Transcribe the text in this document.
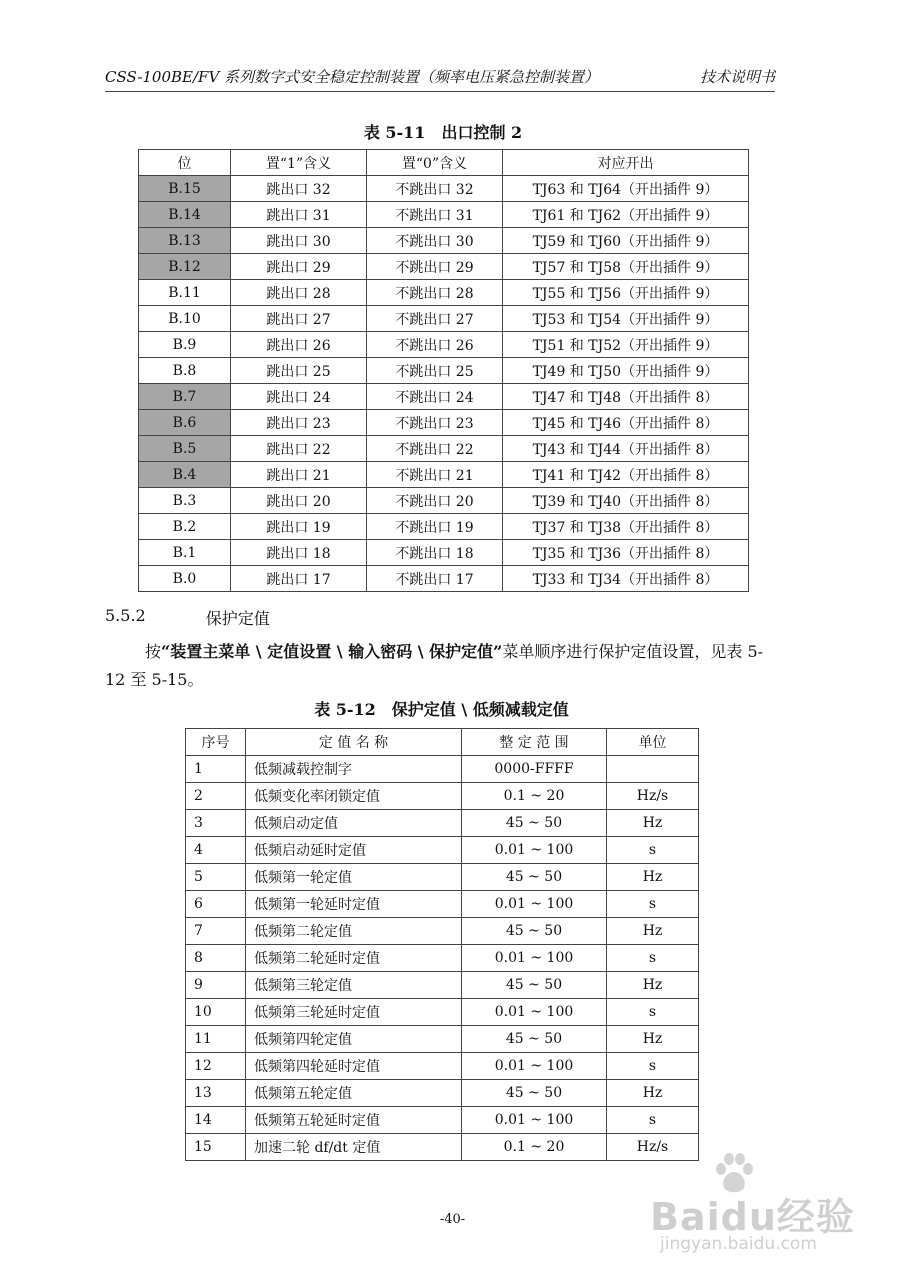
CSS-100BE/FV 系列数字式安全稳定控制装置（频率电压紧急控制装置）	技术说明书
表 5-11　出口控制 2
位	置“1”含义	置“0”含义	对应开出
B.15	跳出口 32	不跳出口 32	TJ63 和 TJ64（开出插件 9）
B.14	跳出口 31	不跳出口 31	TJ61 和 TJ62（开出插件 9）
B.13	跳出口 30	不跳出口 30	TJ59 和 TJ60（开出插件 9）
B.12	跳出口 29	不跳出口 29	TJ57 和 TJ58（开出插件 9）
B.11	跳出口 28	不跳出口 28	TJ55 和 TJ56（开出插件 9）
B.10	跳出口 27	不跳出口 27	TJ53 和 TJ54（开出插件 9）
B.9	跳出口 26	不跳出口 26	TJ51 和 TJ52（开出插件 9）
B.8	跳出口 25	不跳出口 25	TJ49 和 TJ50（开出插件 9）
B.7	跳出口 24	不跳出口 24	TJ47 和 TJ48（开出插件 8）
B.6	跳出口 23	不跳出口 23	TJ45 和 TJ46（开出插件 8）
B.5	跳出口 22	不跳出口 22	TJ43 和 TJ44（开出插件 8）
B.4	跳出口 21	不跳出口 21	TJ41 和 TJ42（开出插件 8）
B.3	跳出口 20	不跳出口 20	TJ39 和 TJ40（开出插件 8）
B.2	跳出口 19	不跳出口 19	TJ37 和 TJ38（开出插件 8）
B.1	跳出口 18	不跳出口 18	TJ35 和 TJ36（开出插件 8）
B.0	跳出口 17	不跳出口 17	TJ33 和 TJ34（开出插件 8）
5.5.2	保护定值
按“装置主菜单 \ 定值设置 \ 输入密码 \ 保护定值”菜单顺序进行保护定值设置，见表 5-12 至 5-15。
表 5-12　保护定值 \ 低频减载定值
序号	定 值 名 称	整 定 范 围	单位
1	低频减载控制字	0000-FFFF	
2	低频变化率闭锁定值	0.1 ~ 20	Hz/s
3	低频启动定值	45 ~ 50	Hz
4	低频启动延时定值	0.01 ~ 100	s
5	低频第一轮定值	45 ~ 50	Hz
6	低频第一轮延时定值	0.01 ~ 100	s
7	低频第二轮定值	45 ~ 50	Hz
8	低频第二轮延时定值	0.01 ~ 100	s
9	低频第三轮定值	45 ~ 50	Hz
10	低频第三轮延时定值	0.01 ~ 100	s
11	低频第四轮定值	45 ~ 50	Hz
12	低频第四轮延时定值	0.01 ~ 100	s
13	低频第五轮定值	45 ~ 50	Hz
14	低频第五轮延时定值	0.01 ~ 100	s
15	加速二轮 df/dt 定值	0.1 ~ 20	Hz/s
-40-	Baidu经验
jingyan.baidu.com
